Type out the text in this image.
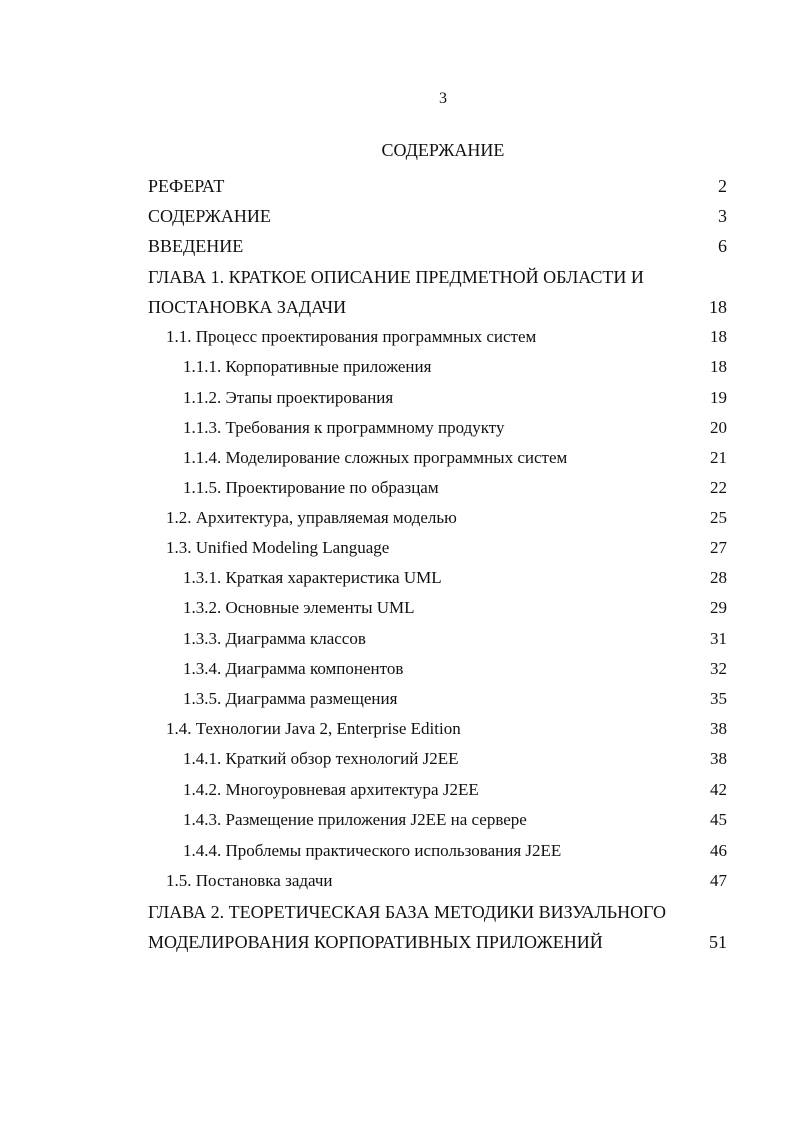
3
СОДЕРЖАНИЕ
РЕФЕРАТ	2
СОДЕРЖАНИЕ	3
ВВЕДЕНИЕ	6
ГЛАВА 1. КРАТКОЕ ОПИСАНИЕ ПРЕДМЕТНОЙ ОБЛАСТИ И
ПОСТАНОВКА ЗАДАЧИ	18
1.1. Процесс проектирования программных систем	18
1.1.1. Корпоративные приложения	18
1.1.2. Этапы проектирования	19
1.1.3. Требования к программному продукту	20
1.1.4. Моделирование сложных программных систем	21
1.1.5. Проектирование по образцам	22
1.2. Архитектура, управляемая моделью	25
1.3. Unified Modeling Language	27
1.3.1. Краткая характеристика UML	28
1.3.2. Основные элементы UML	29
1.3.3. Диаграмма классов	31
1.3.4. Диаграмма компонентов	32
1.3.5. Диаграмма размещения	35
1.4. Технологии Java 2, Enterprise Edition	38
1.4.1. Краткий обзор технологий J2EE	38
1.4.2. Многоуровневая архитектура J2EE	42
1.4.3. Размещение приложения J2EE на сервере	45
1.4.4. Проблемы практического использования J2EE	46
1.5. Постановка задачи	47
ГЛАВА 2. ТЕОРЕТИЧЕСКАЯ БАЗА МЕТОДИКИ ВИЗУАЛЬНОГО
МОДЕЛИРОВАНИЯ КОРПОРАТИВНЫХ ПРИЛОЖЕНИЙ	51
